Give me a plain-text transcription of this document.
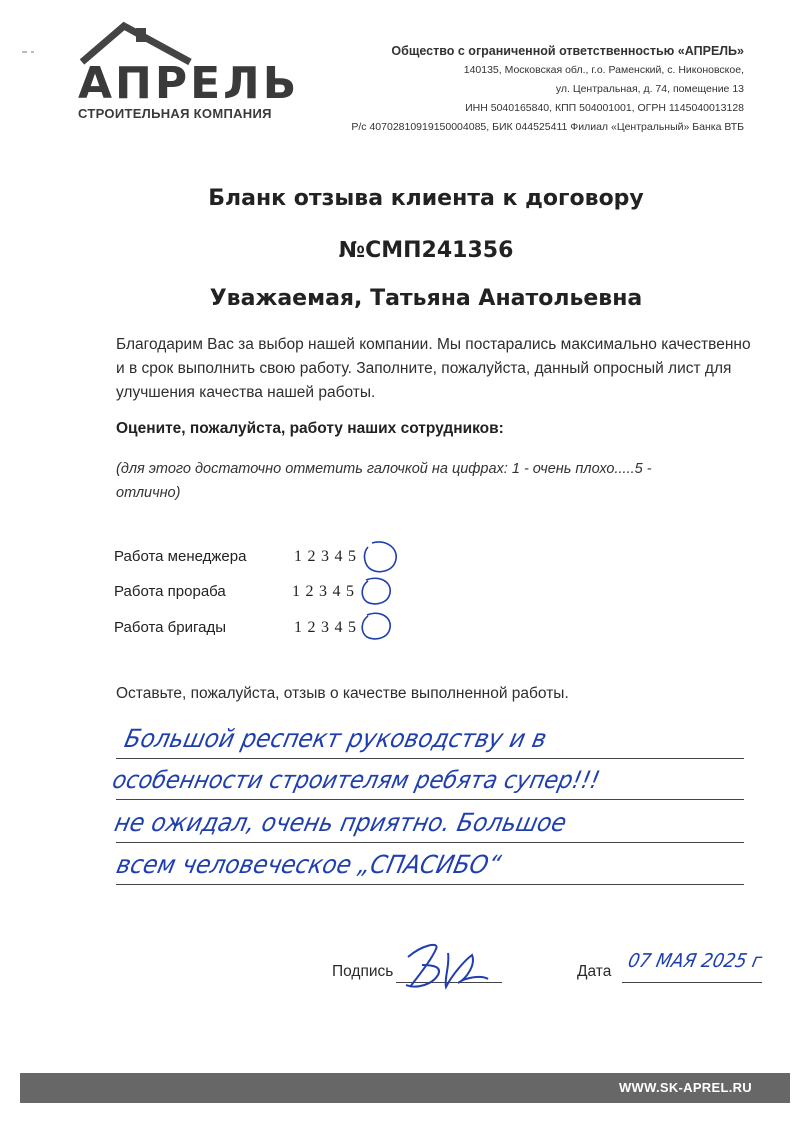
АПРЕЛЬ
СТРОИТЕЛЬНАЯ КОМПАНИЯ
Общество с ограниченной ответственностью «АПРЕЛЬ»
140135, Московская обл., г.о. Раменский, с. Никоновское,
ул. Центральная, д. 74, помещение 13
ИНН 5040165840, КПП 504001001, ОГРН 1145040013128
Р/с 40702810919150004085, БИК 044525411 Филиал «Центральный» Банка ВТБ
Бланк отзыва клиента к договору
№СМП241356
Уважаемая, Татьяна Анатольевна
Благодарим Вас за выбор нашей компании. Мы постарались максимально качественно и в срок выполнить свою работу. Заполните, пожалуйста, данный опросный лист для улучшения качества нашей работы.
Оцените, пожалуйста, работу наших сотрудников:
(для этого достаточно отметить галочкой на цифрах: 1 - очень плохо.....5 - отлично)
Работа менеджера	1 2 3 4 5
Работа прораба	1 2 3 4 5
Работа бригады	1 2 3 4 5
Оставьте, пожалуйста, отзыв о качестве выполненной работы.
Большой респект руководству и в
особенности строителям ребята супер!!!
не ожидал, очень приятно. Большое
всем человеческое „СПАСИБО“
Подпись	Дата 07 МАЯ 2025 г
WWW.SK-APREL.RU
